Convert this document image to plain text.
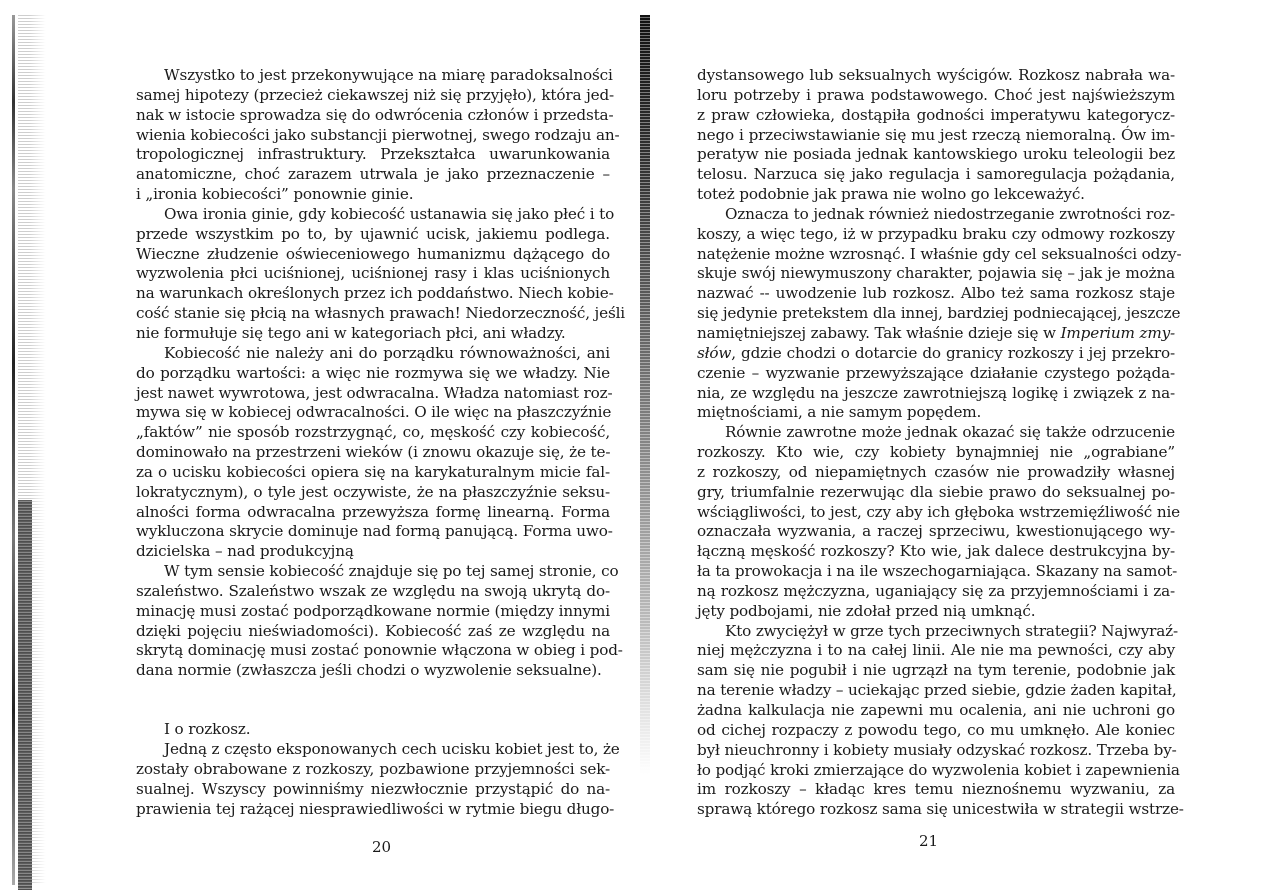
Wszystko to jest przekonywujące na miarę paradoksalności
samej hipotezy (przecież ciekawszej niż się przyjęło), która jed-
nak w istocie sprowadza się do odwrócenia członów i przedsta-
wienia kobiecości jako substancji pierwotnej, swego rodzaju an-
tropologicznej infrastruktury. Przekształca uwarunkowania
anatomiczne, choć zarazem utrwala je jako przeznaczenie –
i „ironia kobiecości” ponownie ginie.
Owa ironia ginie, gdy kobiecość ustanawia się jako płeć i to
przede wszystkim po to, by ujawnić ucisk, jakiemu podlega.
Wieczne złudzenie oświeceniowego humanizmu dążącego do
wyzwolenia płci uciśnionej, uciśnionej rasy i klas uciśnionych
na warunkach określonych przez ich poddaństwo. Niech kobie-
cość stanie się płcią na własnych prawach! Niedorzeczność, jeśli
nie formułuje się tego ani w kategoriach płci, ani władzy.
Kobiecość nie należy ani do porządku równoważności, ani
do porządku wartości: a więc nie rozmywa się we władzy. Nie
jest nawet wywrotowa, jest odwracalna. Władza natomiast roz-
mywa się w kobiecej odwracalności. O ile więc na płaszczyźnie
„faktów” nie sposób rozstrzygnąć, co, męskość czy kobiecość,
dominowało na przestrzeni wieków (i znowu okazuje się, że te-
za o ucisku kobiecości opiera się na karykaturalnym micie fal-
lokratycznym), o tyle jest oczywiste, że na płaszczyźnie seksu-
alności forma odwracalna przewyższa formę linearną. Forma
wykluczona skrycie dominuje nad formą panującą. Forma uwo-
dzicielska – nad produkcyjną
W tym sensie kobiecość znajduje się po tej samej stronie, co
szaleństwo. Szaleństwo wszak ze względu na swoją ukrytą do-
minację musi zostać podporządkowane normie (między innymi
dzięki pojęciu nieświadomości). Kobiecość zaś ze względu na
skrytą dominację musi zostać ponownie włączona w obieg i pod-
dana normie (zwłaszcza jeśli chodzi o wyzwolenie seksualne).
I o rozkosz.
Jedną z często eksponowanych cech ucisku kobiet jest to, że
zostały obrabowane z rozkoszy, pozbawione przyjemności sek-
sualnej. Wszyscy powinniśmy niezwłocznie przystąpić do na-
prawienia tej rażącej niesprawiedliwości w rytmie biegu długo-
20
dystansowego lub seksualnych wyścigów. Rozkosz nabrała wa-
loru potrzeby i prawa podstawowego. Choć jest najświeższym
z praw człowieka, dostąpiła godności imperatywu kategorycz-
nego i przeciwstawianie się mu jest rzeczą niemoralną. Ów im-
peratyw nie posiada jednak kantowskiego uroku teleologii bez
telosu. Narzuca się jako regulacja i samoregulacja pożądania,
toteż podobnie jak prawa nie wolno go lekceważyć.
Oznacza to jednak również niedostrzeganie zwrotności roz-
koszy, a więc tego, iż w przypadku braku czy odmowy rozkoszy
natężenie możne wzrosnąć. I właśnie gdy cel seksualności odzy-
skuje swój niewymuszony charakter, pojawia się – jak je można
nazwać -- uwodzenie lub rozkosz. Albo też sama rozkosz staje
się jedynie pretekstem dla innej, bardziej podniecającej, jeszcze
namiętniejszej zabawy. Tak właśnie dzieje się w Imperium zmy-
słów, gdzie chodzi o dotarcie do granicy rozkoszy i jej przekro-
czenie – wyzwanie przewyższające działanie czystego pożąda-
nia, ze względu na jeszcze zawrotniejszą logikę i związek z na-
miętnościami, a nie samym popędem.
Równie zawrotne może jednak okazać się także odrzucenie
rozkoszy. Kto wie, czy kobiety bynajmniej nie „ograbiane”
z rozkoszy, od niepamiętnych czasów nie prowadziły własnej
gry, triumfalnie rezerwując dla siebie prawo do seksualnej po-
wściągliwości, to jest, czy aby ich głęboka wstrzemięźliwość nie
oznaczała wyzwania, a raczej sprzeciwu, kwestionującego wy-
łączną męskość rozkoszy? Kto wie, jak dalece destrukcyjna by-
ła ta prowokacja i na ile wszechogarniająca. Skazany na samot-
ną rozkosz mężczyzna, uganiający się za przyjemnościami i za-
jęty podbojami, nie zdołał przed nią umknąć.
Kto zwyciężył w grze tych przeciwnych strategii? Najwyraź-
niej mężczyzna i to na całej linii. Ale nie ma pewności, czy aby
sam się nie pogubił i nie ugrzązł na tym terenie, podobnie jak
na terenie władzy – uciekając przed siebie, gdzie żaden kapitał,
żadna kalkulacja nie zapewni mu ocalenia, ani nie uchroni go
od cichej rozpaczy z powodu tego, co mu umknęło. Ale koniec
był nieuchronny i kobiety musiały odzyskać rozkosz. Trzeba by-
ło podjąć kroki zmierzające do wyzwolenia kobiet i zapewnienia
im rozkoszy – kładąc kres temu nieznośnemu wyzwaniu, za
sprawą którego rozkosz sama się unicestwiła w strategii wstrze-
21
